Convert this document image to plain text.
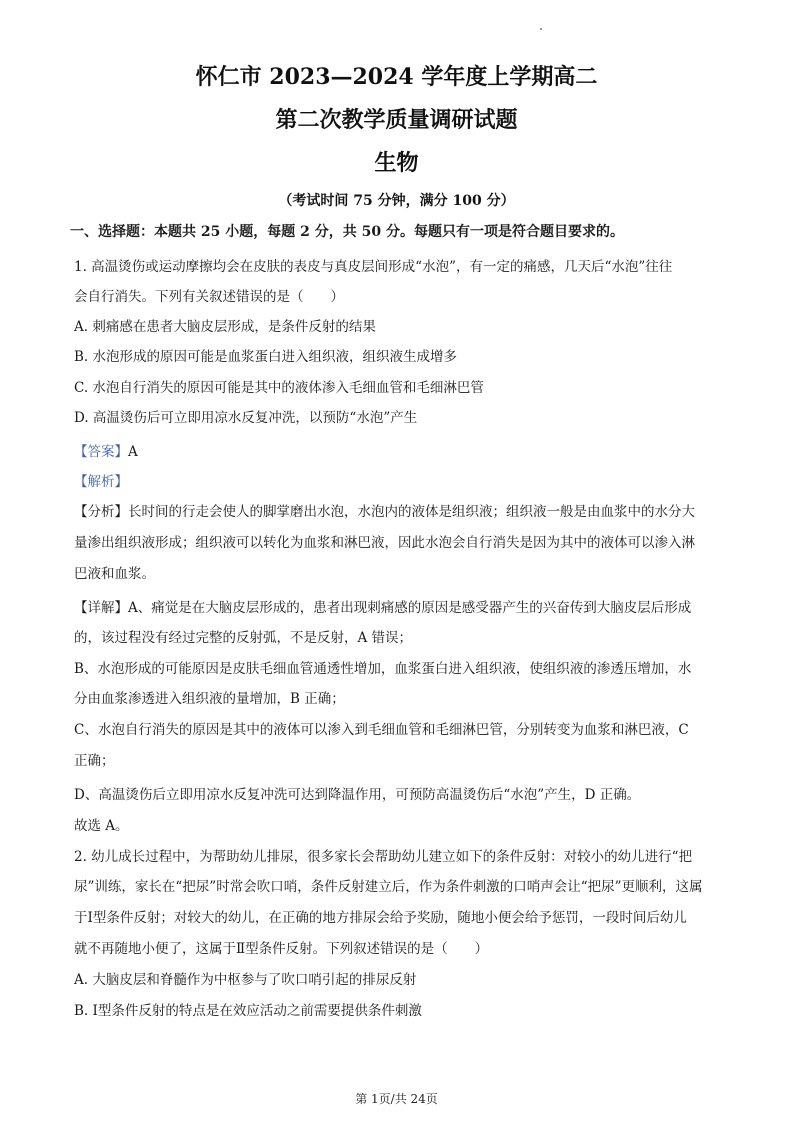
怀仁市 2023—2024 学年度上学期高二
第二次教学质量调研试题
生物
（考试时间 75 分钟，满分 100 分）
一、选择题：本题共 25 小题，每题 2 分，共 50 分。每题只有一项是符合题目要求的。
1. 高温烫伤或运动摩擦均会在皮肤的表皮与真皮层间形成“水泡”，有一定的痛感，几天后“水泡”往往
会自行消失。下列有关叙述错误的是（　　）
A. 刺痛感在患者大脑皮层形成，是条件反射的结果
B. 水泡形成的原因可能是血浆蛋白进入组织液，组织液生成增多
C. 水泡自行消失的原因可能是其中的液体渗入毛细血管和毛细淋巴管
D. 高温烫伤后可立即用凉水反复冲洗，以预防“水泡”产生
【答案】A
【解析】
【分析】长时间的行走会使人的脚掌磨出水泡，水泡内的液体是组织液；组织液一般是由血浆中的水分大
量渗出组织液形成；组织液可以转化为血浆和淋巴液，因此水泡会自行消失是因为其中的液体可以渗入淋
巴液和血浆。
【详解】A、痛觉是在大脑皮层形成的，患者出现刺痛感的原因是感受器产生的兴奋传到大脑皮层后形成
的，该过程没有经过完整的反射弧，不是反射，A 错误；
B、水泡形成的可能原因是皮肤毛细血管通透性增加，血浆蛋白进入组织液，使组织液的渗透压增加，水
分由血浆渗透进入组织液的量增加，B 正确；
C、水泡自行消失的原因是其中的液体可以渗入到毛细血管和毛细淋巴管，分别转变为血浆和淋巴液，C
正确；
D、高温烫伤后立即用凉水反复冲洗可达到降温作用，可预防高温烫伤后“水泡”产生，D 正确。
故选 A。
2. 幼儿成长过程中，为帮助幼儿排尿，很多家长会帮助幼儿建立如下的条件反射：对较小的幼儿进行“把
尿”训练，家长在“把尿”时常会吹口哨，条件反射建立后，作为条件刺激的口哨声会让“把尿”更顺利，这属
于Ⅰ型条件反射；对较大的幼儿，在正确的地方排尿会给予奖励，随地小便会给予惩罚，一段时间后幼儿
就不再随地小便了，这属于Ⅱ型条件反射。下列叙述错误的是（　　）
A. 大脑皮层和脊髓作为中枢参与了吹口哨引起的排尿反射
B. Ⅰ型条件反射的特点是在效应活动之前需要提供条件刺激
第 1页/共 24页
